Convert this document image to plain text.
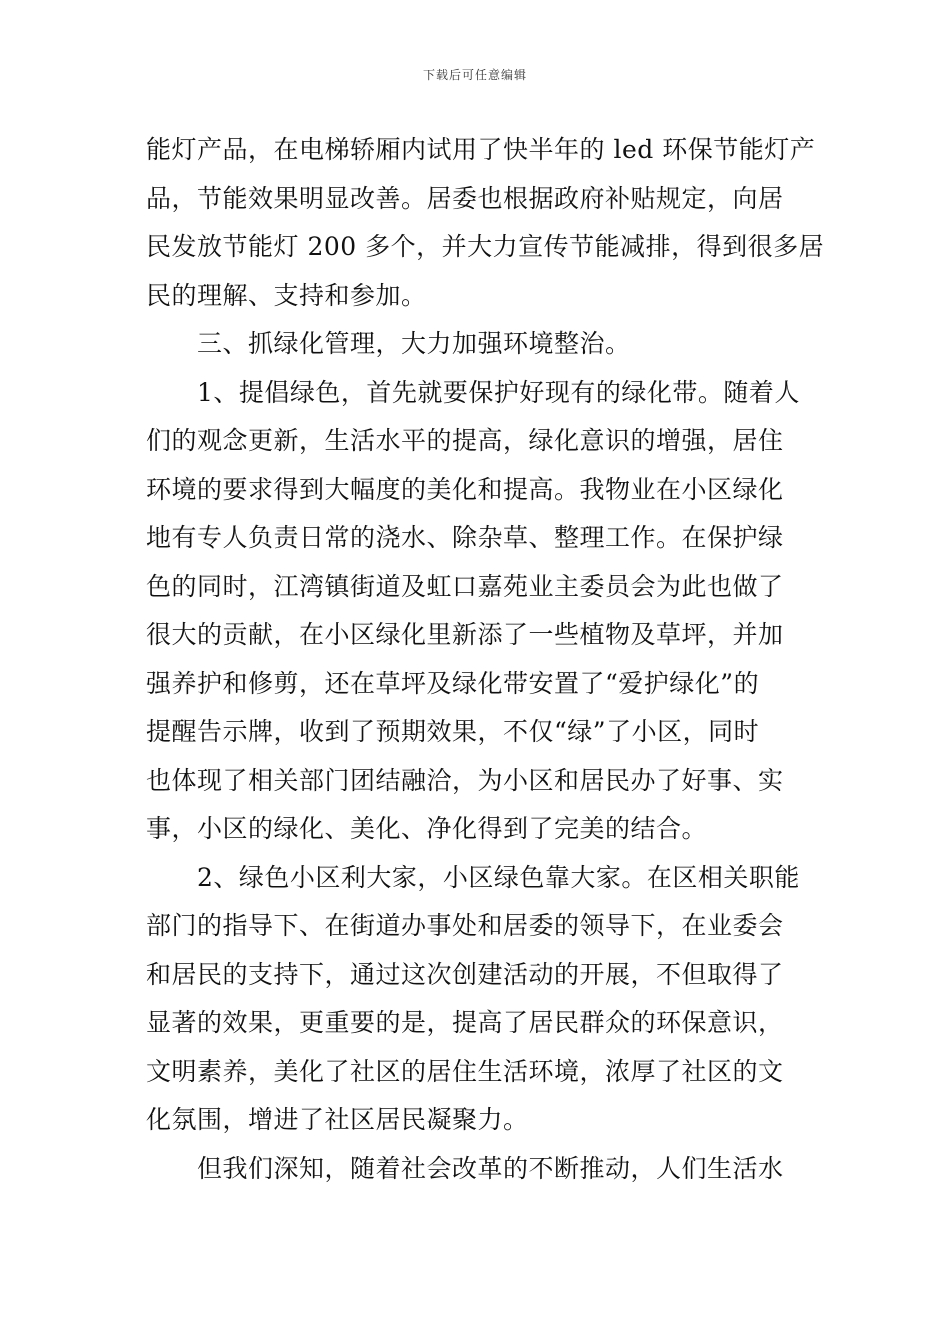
下载后可任意编辑
能灯产品，在电梯轿厢内试用了快半年的 led 环保节能灯产
品，节能效果明显改善。居委也根据政府补贴规定，向居
民发放节能灯 200 多个，并大力宣传节能减排，得到很多居
民的理解、支持和参加。
　　三、抓绿化管理，大力加强环境整治。
　　1、提倡绿色，首先就要保护好现有的绿化带。随着人
们的观念更新，生活水平的提高，绿化意识的增强，居住
环境的要求得到大幅度的美化和提高。我物业在小区绿化
地有专人负责日常的浇水、除杂草、整理工作。在保护绿
色的同时，江湾镇街道及虹口嘉苑业主委员会为此也做了
很大的贡献，在小区绿化里新添了一些植物及草坪，并加
强养护和修剪，还在草坪及绿化带安置了“爱护绿化”的
提醒告示牌，收到了预期效果，不仅“绿”了小区，同时
也体现了相关部门团结融洽，为小区和居民办了好事、实
事，小区的绿化、美化、净化得到了完美的结合。
　　2、绿色小区利大家，小区绿色靠大家。在区相关职能
部门的指导下、在街道办事处和居委的领导下，在业委会
和居民的支持下，通过这次创建活动的开展，不但取得了
显著的效果，更重要的是，提高了居民群众的环保意识，
文明素养，美化了社区的居住生活环境，浓厚了社区的文
化氛围，增进了社区居民凝聚力。
　　但我们深知，随着社会改革的不断推动，人们生活水
